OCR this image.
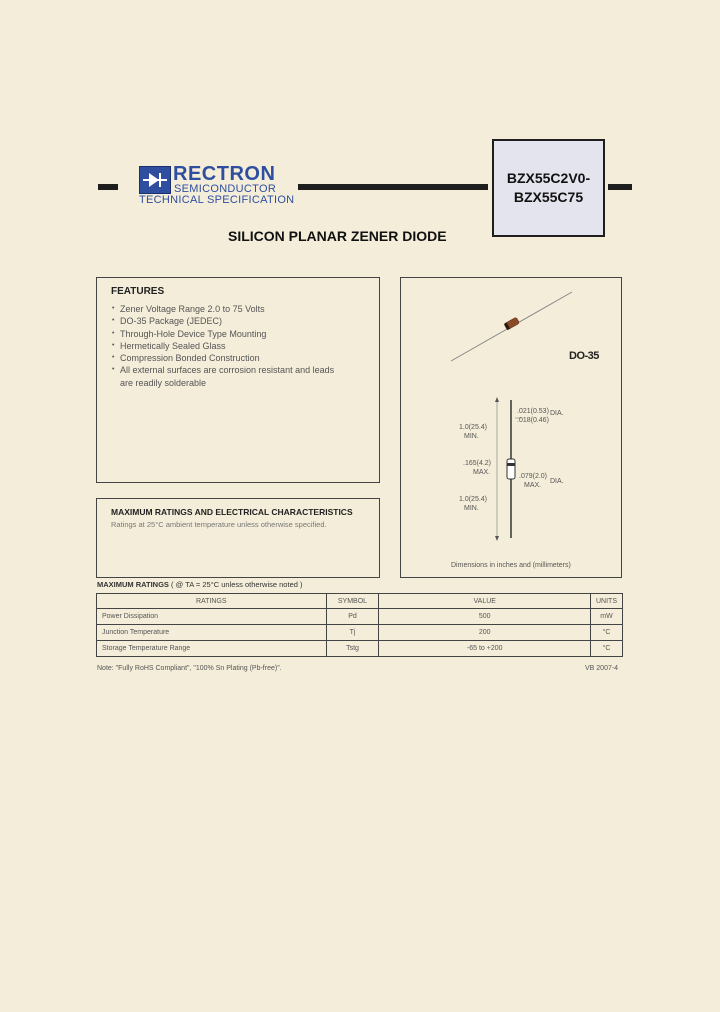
RECTRON
SEMICONDUCTOR
TECHNICAL SPECIFICATION
BZX55C2V0-
BZX55C75
SILICON PLANAR ZENER DIODE
FEATURES
• Zener Voltage Range 2.0 to 75 Volts
• DO-35 Package (JEDEC)
• Through-Hole Device Type Mounting
• Hermetically Sealed Glass
• Compression Bonded Construction
• All external surfaces are corrosion resistant and leads
are readily solderable
DO-35
.021(0.53) DIA.
.018(0.46)
1.0(25.4)
MIN.
.165(4.2)
MAX.
.079(2.0)
DIA.
MAX.
1.0(25.4)
MIN.
Dimensions in inches and (millimeters)
MAXIMUM RATINGS AND ELECTRICAL CHARACTERISTICS
Ratings at 25°C ambient temperature unless otherwise specified.
MAXIMUM RATINGS ( @ TA = 25°C unless otherwise noted )
RATINGS	SYMBOL	VALUE	UNITS
Power Dissipation	Pd	500	mW
Junction Temperature	Tj	200	°C
Storage Temperature Range	Tstg	-65 to +200	°C
Note: "Fully RoHS Compliant", "100% Sn Plating (Pb-free)".	VB 2007-4
